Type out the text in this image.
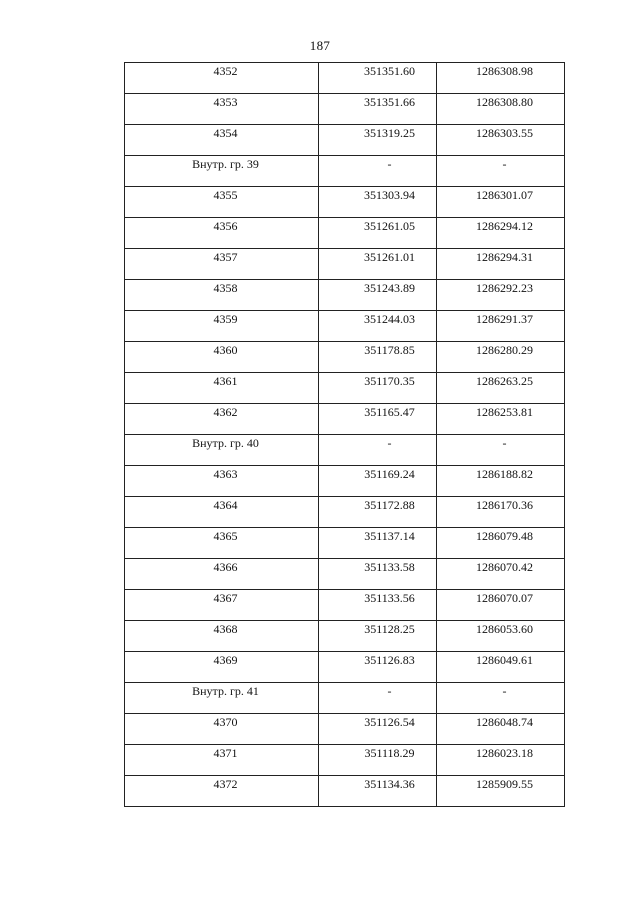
187
4352	351351.60	1286308.98

4353	351351.66	1286308.80

4354	351319.25	1286303.55

Внутр. гр. 39	-	-

4355	351303.94	1286301.07

4356	351261.05	1286294.12

4357	351261.01	1286294.31

4358	351243.89	1286292.23

4359	351244.03	1286291.37

4360	351178.85	1286280.29

4361	351170.35	1286263.25

4362	351165.47	1286253.81

Внутр. гр. 40	-	-

4363	351169.24	1286188.82

4364	351172.88	1286170.36

4365	351137.14	1286079.48

4366	351133.58	1286070.42

4367	351133.56	1286070.07

4368	351128.25	1286053.60

4369	351126.83	1286049.61

Внутр. гр. 41	-	-

4370	351126.54	1286048.74

4371	351118.29	1286023.18

4372	351134.36	1285909.55
